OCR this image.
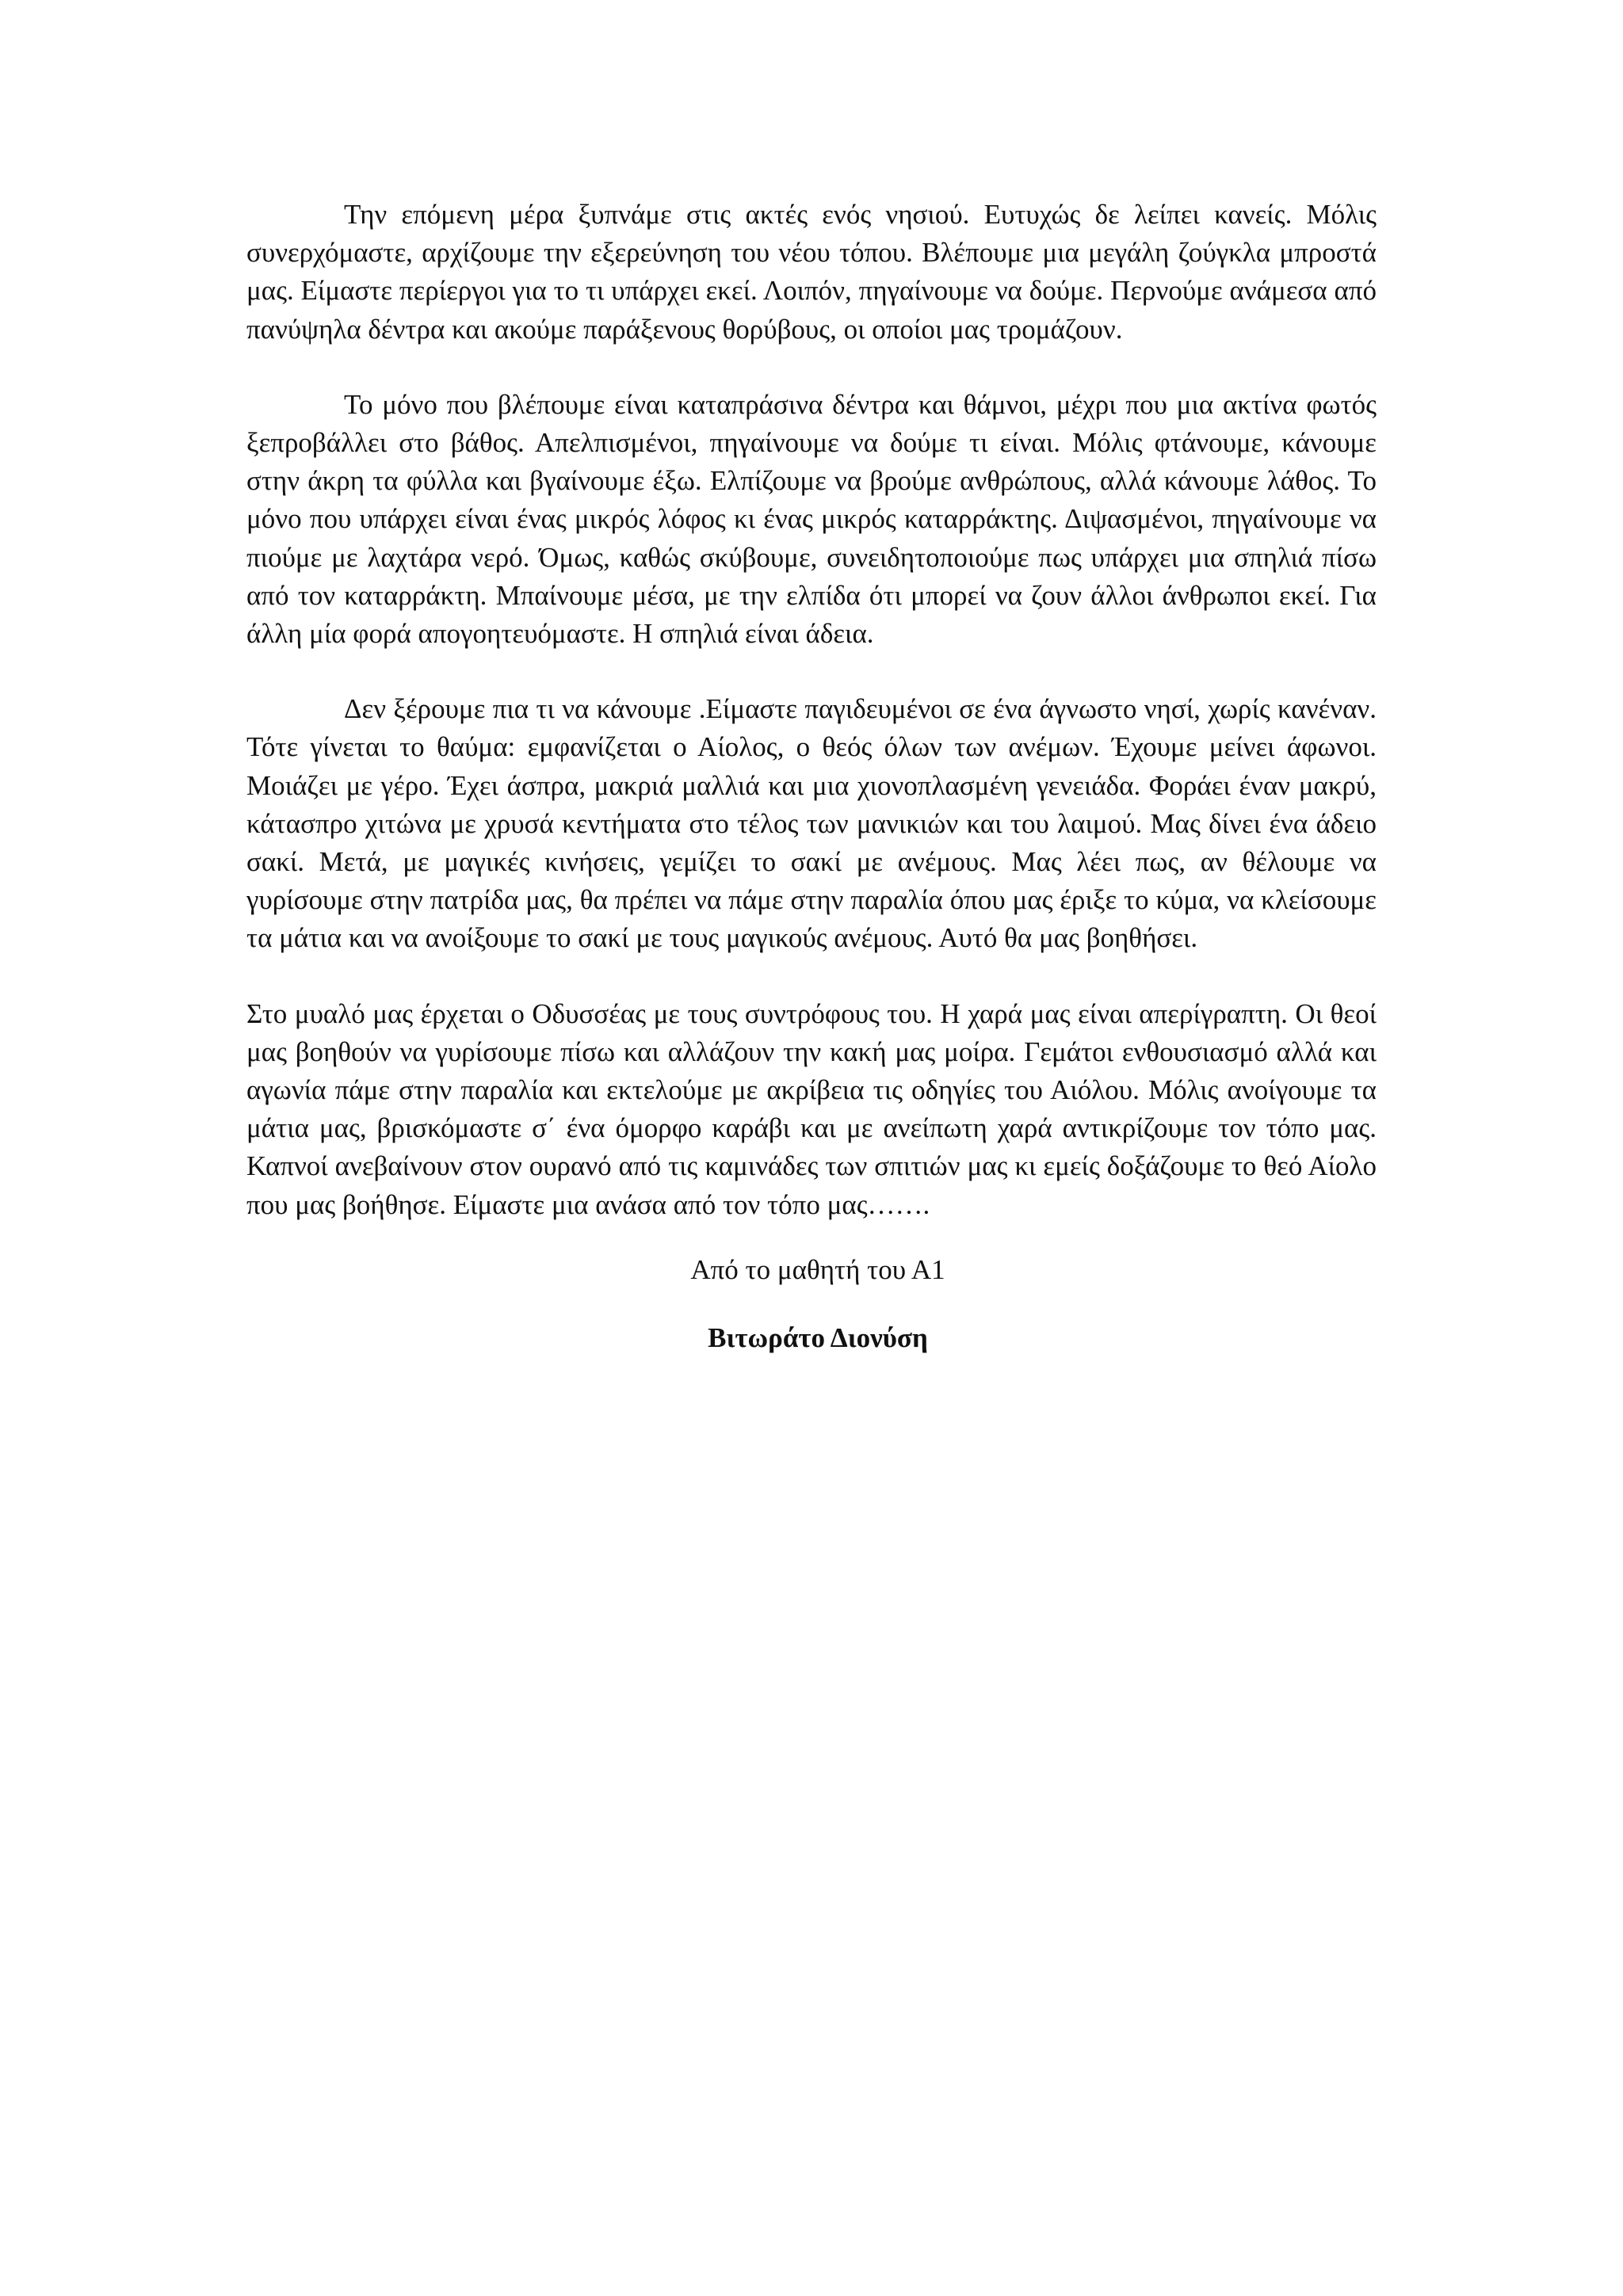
Την επόμενη μέρα ξυπνάμε στις ακτές ενός νησιού. Ευτυχώς δε λείπει κανείς. Μόλις συνερχόμαστε, αρχίζουμε την εξερεύνηση του νέου τόπου. Βλέπουμε μια μεγάλη ζούγκλα μπροστά μας. Είμαστε περίεργοι για το τι υπάρχει εκεί. Λοιπόν, πηγαίνουμε να δούμε. Περνούμε ανάμεσα από πανύψηλα δέντρα και ακούμε παράξενους θορύβους, οι οποίοι μας τρομάζουν.

Το μόνο που βλέπουμε είναι καταπράσινα δέντρα και θάμνοι, μέχρι που μια ακτίνα φωτός ξεπροβάλλει στο βάθος. Απελπισμένοι, πηγαίνουμε να δούμε τι είναι. Μόλις φτάνουμε, κάνουμε στην άκρη τα φύλλα και βγαίνουμε έξω. Ελπίζουμε να βρούμε ανθρώπους, αλλά κάνουμε λάθος. Το μόνο που υπάρχει είναι ένας μικρός λόφος κι ένας μικρός καταρράκτης. Διψασμένοι, πηγαίνουμε να πιούμε με λαχτάρα νερό. Όμως, καθώς σκύβουμε, συνειδητοποιούμε πως υπάρχει μια σπηλιά πίσω από τον καταρράκτη. Μπαίνουμε μέσα, με την ελπίδα ότι μπορεί να ζουν άλλοι άνθρωποι εκεί. Για άλλη μία φορά απογοητευόμαστε. Η σπηλιά είναι άδεια.

Δεν ξέρουμε πια τι να κάνουμε .Είμαστε παγιδευμένοι σε ένα άγνωστο νησί, χωρίς κανέναν. Τότε γίνεται το θαύμα: εμφανίζεται ο Αίολος, ο θεός όλων των ανέμων. Έχουμε μείνει άφωνοι. Μοιάζει με γέρο. Έχει άσπρα, μακριά μαλλιά και μια χιονοπλασμένη γενειάδα. Φοράει έναν μακρύ, κάτασπρο χιτώνα με χρυσά κεντήματα στο τέλος των μανικιών και του λαιμού. Μας δίνει ένα άδειο σακί. Μετά, με μαγικές κινήσεις, γεμίζει το σακί με ανέμους. Μας λέει πως, αν θέλουμε να γυρίσουμε στην πατρίδα μας, θα πρέπει να πάμε στην παραλία όπου μας έριξε το κύμα, να κλείσουμε τα μάτια και να ανοίξουμε το σακί με τους μαγικούς ανέμους. Αυτό θα μας βοηθήσει.

Στο μυαλό μας έρχεται ο Οδυσσέας με τους συντρόφους του. Η χαρά μας είναι απερίγραπτη. Οι θεοί μας βοηθούν να γυρίσουμε πίσω και αλλάζουν την κακή μας μοίρα. Γεμάτοι ενθουσιασμό αλλά και αγωνία πάμε στην παραλία και εκτελούμε με ακρίβεια τις οδηγίες του Αιόλου. Μόλις ανοίγουμε τα μάτια μας, βρισκόμαστε σ΄ ένα όμορφο καράβι και με ανείπωτη χαρά αντικρίζουμε τον τόπο μας. Καπνοί ανεβαίνουν στον ουρανό από τις καμινάδες των σπιτιών μας κι εμείς δοξάζουμε το θεό Αίολο που μας βοήθησε. Είμαστε μια ανάσα από τον τόπο μας…….

Από το μαθητή του Α1

Βιτωράτο Διονύση
